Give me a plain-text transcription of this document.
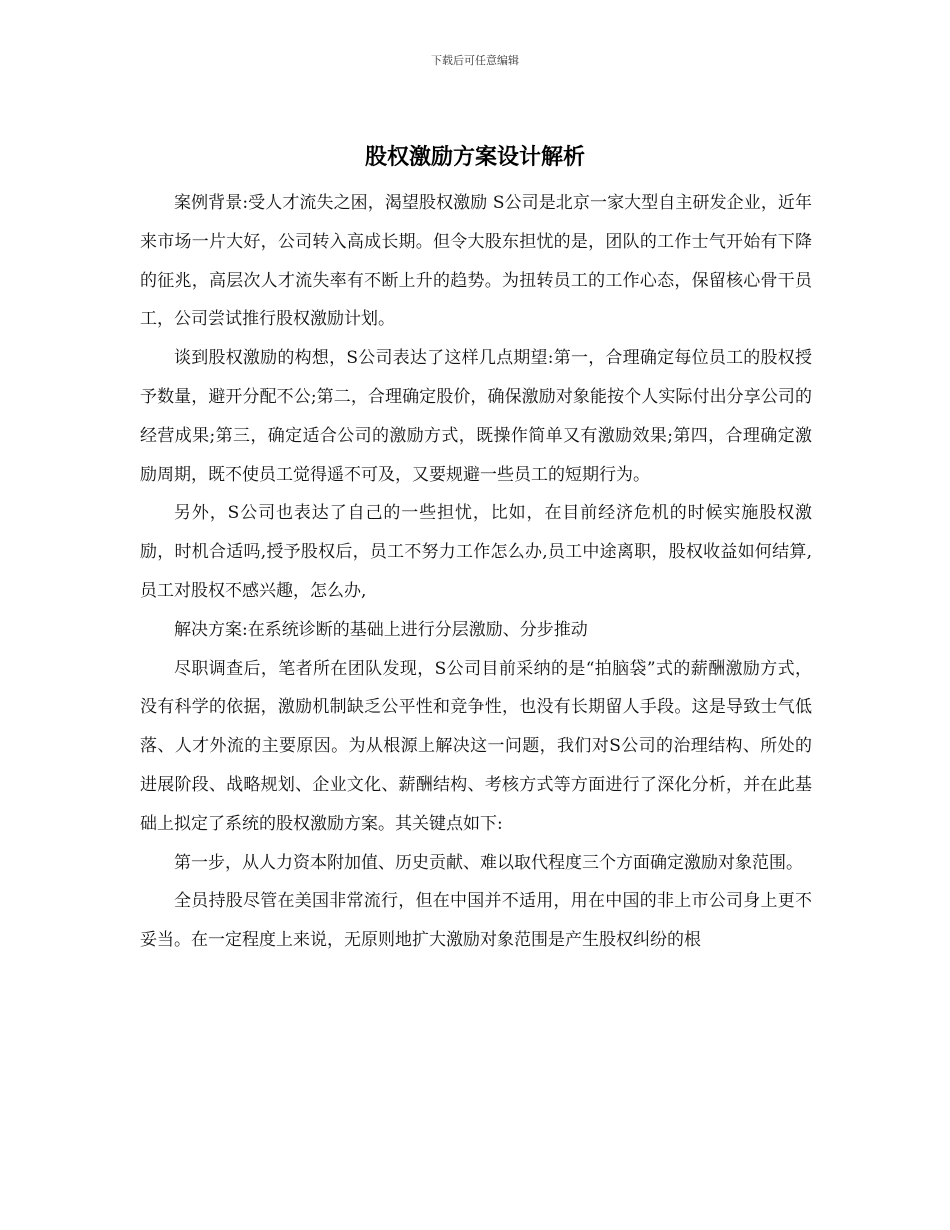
下载后可任意编辑
股权激励方案设计解析

案例背景:受人才流失之困，渴望股权激励 S公司是北京一家大型自主研发企业，近年来市场一片大好，公司转入高成长期。但令大股东担忧的是，团队的工作士气开始有下降的征兆，高层次人才流失率有不断上升的趋势。为扭转员工的工作心态，保留核心骨干员工，公司尝试推行股权激励计划。

谈到股权激励的构想，S公司表达了这样几点期望:第一，合理确定每位员工的股权授予数量，避开分配不公;第二，合理确定股价，确保激励对象能按个人实际付出分享公司的经营成果;第三，确定适合公司的激励方式，既操作简单又有激励效果;第四，合理确定激励周期，既不使员工觉得遥不可及，又要规避一些员工的短期行为。

另外，S公司也表达了自己的一些担忧，比如，在目前经济危机的时候实施股权激励，时机合适吗,授予股权后，员工不努力工作怎么办,员工中途离职，股权收益如何结算,员工对股权不感兴趣，怎么办,

解决方案:在系统诊断的基础上进行分层激励、分步推动

尽职调查后，笔者所在团队发现，S公司目前采纳的是“拍脑袋”式的薪酬激励方式，没有科学的依据，激励机制缺乏公平性和竞争性，也没有长期留人手段。这是导致士气低落、人才外流的主要原因。为从根源上解决这一问题，我们对S公司的治理结构、所处的进展阶段、战略规划、企业文化、薪酬结构、考核方式等方面进行了深化分析，并在此基础上拟定了系统的股权激励方案。其关键点如下:

第一步，从人力资本附加值、历史贡献、难以取代程度三个方面确定激励对象范围。

全员持股尽管在美国非常流行，但在中国并不适用，用在中国的非上市公司身上更不妥当。在一定程度上来说，无原则地扩大激励对象范围是产生股权纠纷的根
